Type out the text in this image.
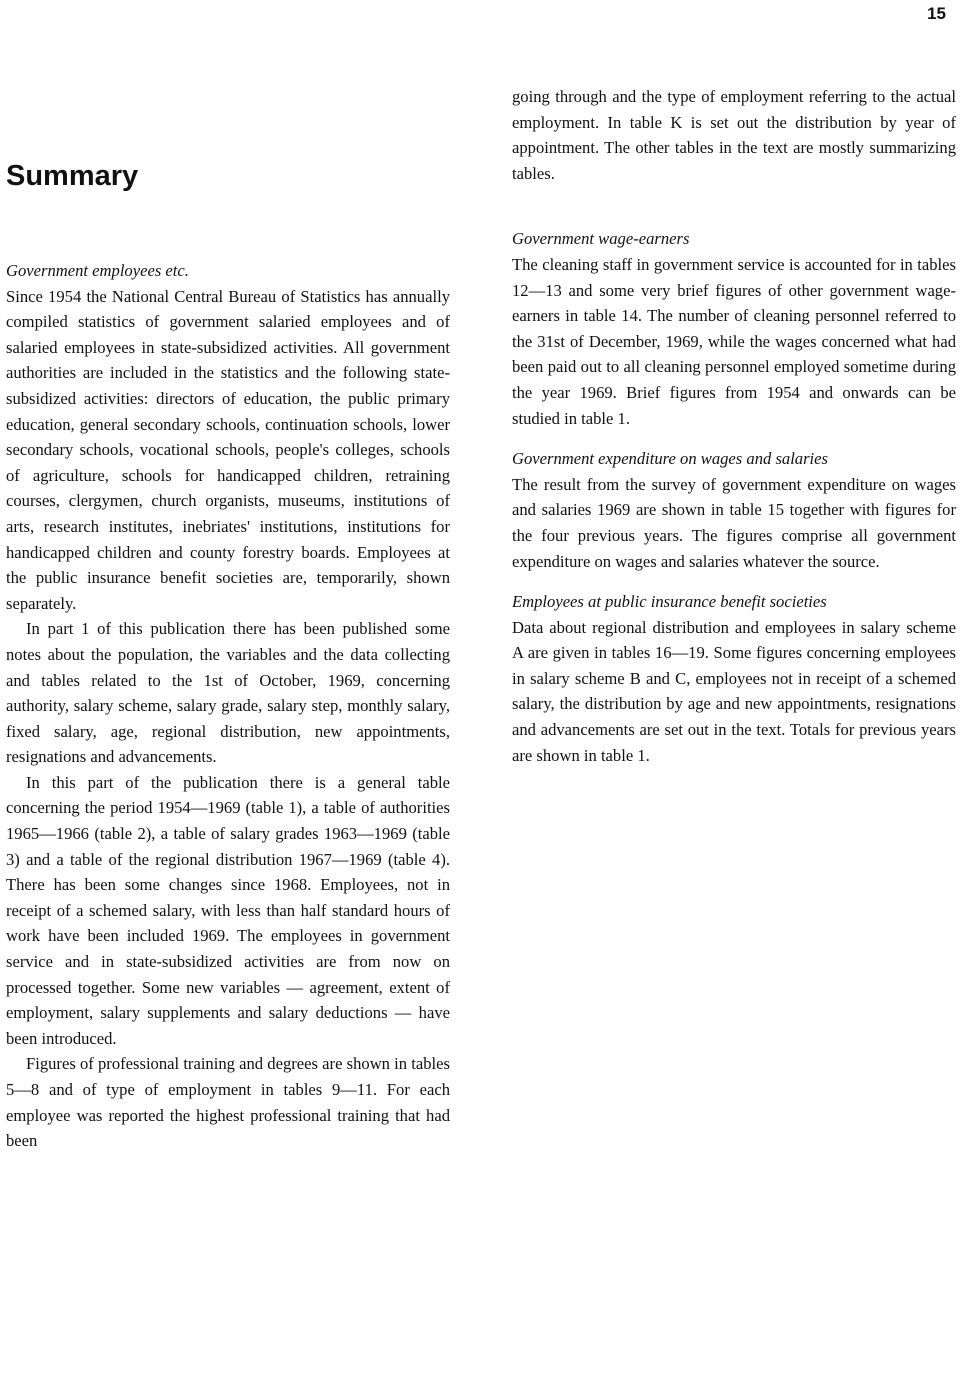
15
Summary

Government employees etc.

Since 1954 the National Central Bureau of Statistics has annually compiled statistics of government salaried employees and of salaried employees in state-subsidized activities. All government authorities are included in the statistics and the following state-subsidized activities: directors of education, the public primary education, general secondary schools, continuation schools, lower secondary schools, vocational schools, people's colleges, schools of agriculture, schools for handicapped children, retraining courses, clergymen, church organists, museums, institutions of arts, research institutes, inebriates' institutions, institutions for handicapped children and county forestry boards. Employees at the public insurance benefit societies are, temporarily, shown separately.

In part 1 of this publication there has been published some notes about the population, the variables and the data collecting and tables related to the 1st of October, 1969, concerning authority, salary scheme, salary grade, salary step, monthly salary, fixed salary, age, regional distribution, new appointments, resignations and advancements.

In this part of the publication there is a general table concerning the period 1954—1969 (table 1), a table of authorities 1965—1966 (table 2), a table of salary grades 1963—1969 (table 3) and a table of the regional distribution 1967—1969 (table 4). There has been some changes since 1968. Employees, not in receipt of a schemed salary, with less than half standard hours of work have been included 1969. The employees in government service and in state-subsidized activities are from now on processed together. Some new variables — agreement, extent of employment, salary supplements and salary deductions — have been introduced.

Figures of professional training and degrees are shown in tables 5—8 and of type of employment in tables 9—11. For each employee was reported the highest professional training that had been

going through and the type of employment referring to the actual employment. In table K is set out the distribution by year of appointment. The other tables in the text are mostly summarizing tables.

Government wage-earners

The cleaning staff in government service is accounted for in tables 12—13 and some very brief figures of other government wage-earners in table 14. The number of cleaning personnel referred to the 31st of December, 1969, while the wages concerned what had been paid out to all cleaning personnel employed sometime during the year 1969. Brief figures from 1954 and onwards can be studied in table 1.

Government expenditure on wages and salaries

The result from the survey of government expenditure on wages and salaries 1969 are shown in table 15 together with figures for the four previous years. The figures comprise all government expenditure on wages and salaries whatever the source.

Employees at public insurance benefit societies

Data about regional distribution and employees in salary scheme A are given in tables 16—19. Some figures concerning employees in salary scheme B and C, employees not in receipt of a schemed salary, the distribution by age and new appointments, resignations and advancements are set out in the text. Totals for previous years are shown in table 1.
